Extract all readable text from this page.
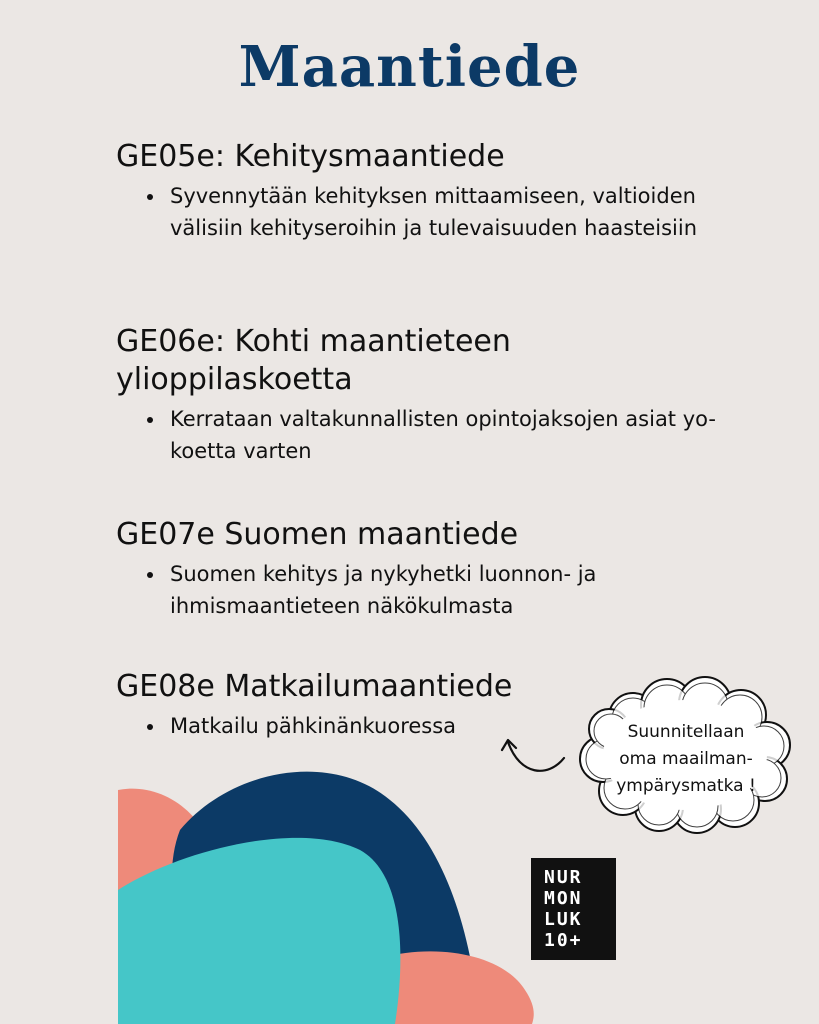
Maantiede
GE05e: Kehitysmaantiede
• Syvennytään kehityksen mittaamiseen, valtioiden välisiin kehityseroihin ja tulevaisuuden haasteisiin
GE06e: Kohti maantieteen ylioppilaskoetta
• Kerrataan valtakunnallisten opintojaksojen asiat yo-koetta varten
GE07e Suomen maantiede
• Suomen kehitys ja nykyhetki luonnon- ja ihmismaantieteen näkökulmasta
GE08e Matkailumaantiede
• Matkailu pähkinänkuoressa	Suunnitellaan
oma maailman-
ympärysmatka !
NUR
MON
LUK
10+
